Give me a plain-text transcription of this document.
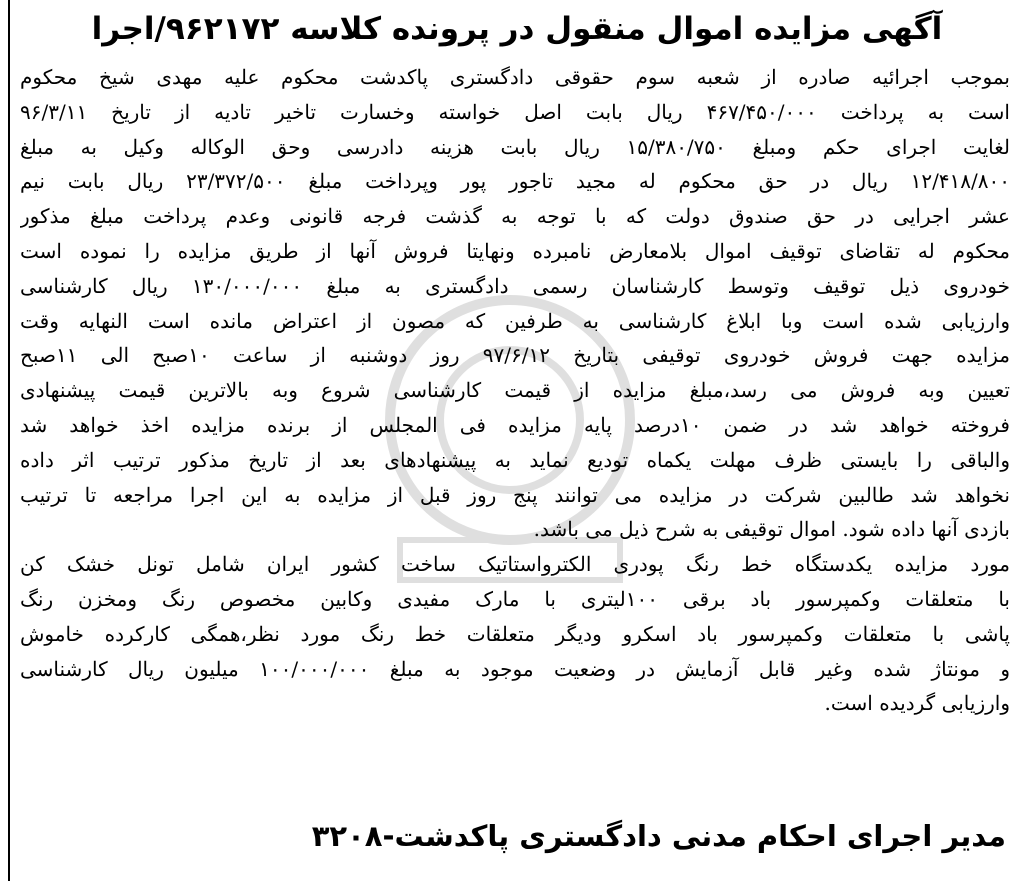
آگهی مزایده اموال منقول در پرونده کلاسه ۹۶۲۱۷۲/اجرا
بموجب اجرائیه صادره از شعبه سوم حقوقی دادگستری پاکدشت محکوم علیه مهدی شیخ محکوم
است به پرداخت ۴۶۷/۴۵۰/۰۰۰ ریال بابت اصل خواسته وخسارت تاخیر تادیه از تاریخ ۹۶/۳/۱۱
لغایت اجرای حکم ومبلغ ۱۵/۳۸۰/۷۵۰ ریال بابت هزینه دادرسی وحق الوکاله وکیل به مبلغ
۱۲/۴۱۸/۸۰۰ ریال در حق محکوم له مجید تاجور پور وپرداخت مبلغ ۲۳/۳۷۲/۵۰۰ ریال بابت نیم
عشر اجرایی در حق صندوق دولت که با توجه به گذشت فرجه قانونی وعدم پرداخت مبلغ مذکور
محکوم له تقاضای توقیف اموال بلامعارض نامبرده ونهایتا فروش آنها از طریق مزایده را نموده است
خودروی ذیل توقیف وتوسط کارشناسان رسمی دادگستری به مبلغ ۱۳۰/۰۰۰/۰۰۰ ریال کارشناسی
وارزیابی شده است وبا ابلاغ کارشناسی به طرفین که مصون از اعتراض مانده است النهایه وقت
مزایده جهت فروش خودروی توقیفی بتاریخ ۹۷/۶/۱۲ روز دوشنبه از ساعت ۱۰صبح الی ۱۱صبح
تعیین وبه فروش می رسد،مبلغ مزایده از قیمت کارشناسی شروع وبه بالاترین قیمت پیشنهادی
فروخته خواهد شد در ضمن ۱۰درصد پایه مزایده فی المجلس از برنده مزایده اخذ خواهد شد
والباقی را بایستی ظرف مهلت یکماه تودیع نماید به پیشنهادهای بعد از تاریخ مذکور ترتیب اثر داده
نخواهد شد طالبین شرکت در مزایده می توانند پنج روز قبل از مزایده به این اجرا مراجعه تا ترتیب
بازدی آنها داده شود. اموال توقیفی به شرح ذیل می باشد.
مورد مزایده یکدستگاه خط رنگ پودری الکترواستاتیک ساخت کشور ایران شامل تونل خشک کن
با متعلقات وکمپرسور باد برقی ۱۰۰لیتری با مارک مفیدی وکابین مخصوص رنگ ومخزن رنگ
پاشی با متعلقات وکمپرسور باد اسکرو ودیگر متعلقات خط رنگ مورد نظر،همگی کارکرده خاموش
و مونتاژ شده وغیر قابل آزمایش در وضعیت موجود به مبلغ ۱۰۰/۰۰۰/۰۰۰ میلیون ریال کارشناسی
وارزیابی گردیده است.
مدیر اجرای احکام مدنی دادگستری پاکدشت-۳۲۰۸
